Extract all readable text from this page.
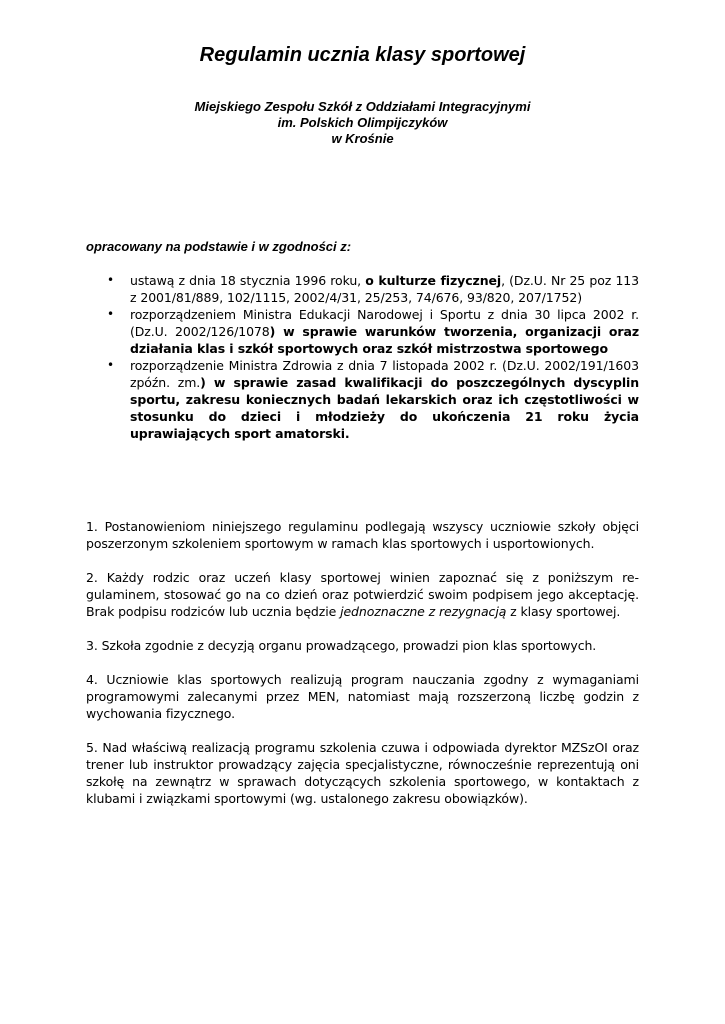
Regulamin ucznia klasy sportowej
Miejskiego Zespołu Szkół z Oddziałami Integracyjnymi
im. Polskich Olimpijczyków
w Krośnie
opracowany na podstawie i w zgodności z:
• ustawą z dnia 18 stycznia 1996 roku, o kulturze fizycznej, (Dz.U. Nr 25 poz 113 z 2001/81/889, 102/1115, 2002/4/31, 25/253, 74/676, 93/820, 207/1752)
• rozporządzeniem Ministra Edukacji Narodowej i Sportu z dnia 30 lipca 2002 r. (Dz.U. 2002/126/1078) w sprawie warunków tworzenia, organizacji oraz działania klas i szkół sportowych oraz szkół mistrzostwa sportowego
• rozporządzenie Ministra Zdrowia z dnia 7 listopada 2002 r. (Dz.U. 2002/191/1603 zpóźn. zm.) w sprawie zasad kwalifikacji do poszczególnych dyscyplin sportu, zakresu koniecznych badań lekarskich oraz ich częstotliwości w stosunku do dzieci i młodzieży do ukończenia 21 roku życia uprawiających sport amatorski.

1. Postanowieniom niniejszego regulaminu podlegają wszyscy uczniowie szkoły objęci poszerzonym szkoleniem sportowym w ramach klas sportowych i usportowionych.

2. Każdy rodzic oraz uczeń klasy sportowej winien zapoznać się z poniższym regulaminem, stosować go na co dzień oraz potwierdzić swoim podpisem jego akceptację. Brak podpisu rodziców lub ucznia będzie jednoznaczne z rezygnacją z klasy sportowej.

3. Szkoła zgodnie z decyzją organu prowadzącego, prowadzi pion klas sportowych.

4. Uczniowie klas sportowych realizują program nauczania zgodny z wymaganiami programowymi zalecanymi przez MEN, natomiast mają rozszerzoną liczbę godzin z wychowania fizycznego.

5. Nad właściwą realizacją programu szkolenia czuwa i odpowiada dyrektor MZSzOI oraz trener lub instruktor prowadzący zajęcia specjalistyczne, równocześnie reprezentują oni szkołę na zewnątrz w sprawach dotyczących szkolenia sportowego, w kontaktach z klubami i związkami sportowymi (wg. ustalonego zakresu obowiązków).
